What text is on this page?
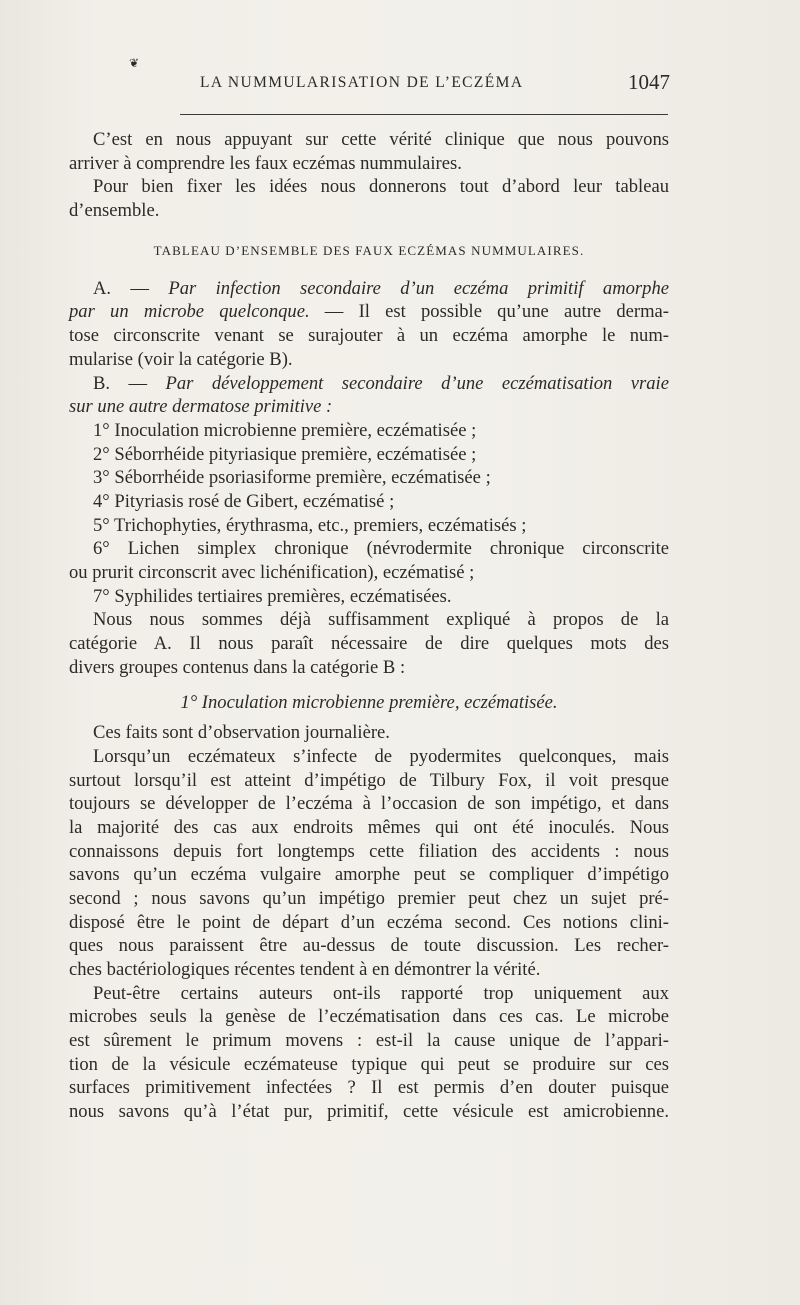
❦
LA NUMMULARISATION DE L’ECZÉMA	1047
C’est en nous appuyant sur cette vérité clinique que nous pouvons
arriver à comprendre les faux eczémas nummulaires.
Pour bien fixer les idées nous donnerons tout d’abord leur tableau
d’ensemble.
TABLEAU D’ENSEMBLE DES FAUX ECZÉMAS NUMMULAIRES.
A. — Par infection secondaire d’un eczéma primitif amorphe
par un microbe quelconque. — Il est possible qu’une autre derma-
tose circonscrite venant se surajouter à un eczéma amorphe le num-
mularise (voir la catégorie B).
B. — Par développement secondaire d’une eczématisation vraie
sur une autre dermatose primitive :
1° Inoculation microbienne première, eczématisée ;
2° Séborrhéide pityriasique première, eczématisée ;
3° Séborrhéide psoriasiforme première, eczématisée ;
4° Pityriasis rosé de Gibert, eczématisé ;
5° Trichophyties, érythrasma, etc., premiers, eczématisés ;
6° Lichen simplex chronique (névrodermite chronique circonscrite
ou prurit circonscrit avec lichénification), eczématisé ;
7° Syphilides tertiaires premières, eczématisées.
Nous nous sommes déjà suffisamment expliqué à propos de la
catégorie A. Il nous paraît nécessaire de dire quelques mots des
divers groupes contenus dans la catégorie B :
1° Inoculation microbienne première, eczématisée.
Ces faits sont d’observation journalière.
Lorsqu’un eczémateux s’infecte de pyodermites quelconques, mais
surtout lorsqu’il est atteint d’impétigo de Tilbury Fox, il voit presque
toujours se développer de l’eczéma à l’occasion de son impétigo, et dans
la majorité des cas aux endroits mêmes qui ont été inoculés. Nous
connaissons depuis fort longtemps cette filiation des accidents : nous
savons qu’un eczéma vulgaire amorphe peut se compliquer d’impétigo
second ; nous savons qu’un impétigo premier peut chez un sujet pré-
disposé être le point de départ d’un eczéma second. Ces notions clini-
ques nous paraissent être au-dessus de toute discussion. Les recher-
ches bactériologiques récentes tendent à en démontrer la vérité.
Peut-être certains auteurs ont-ils rapporté trop uniquement aux
microbes seuls la genèse de l’eczématisation dans ces cas. Le microbe
est sûrement le primum movens : est-il la cause unique de l’appari-
tion de la vésicule eczémateuse typique qui peut se produire sur ces
surfaces primitivement infectées ? Il est permis d’en douter puisque
nous savons qu’à l’état pur, primitif, cette vésicule est amicrobienne.
